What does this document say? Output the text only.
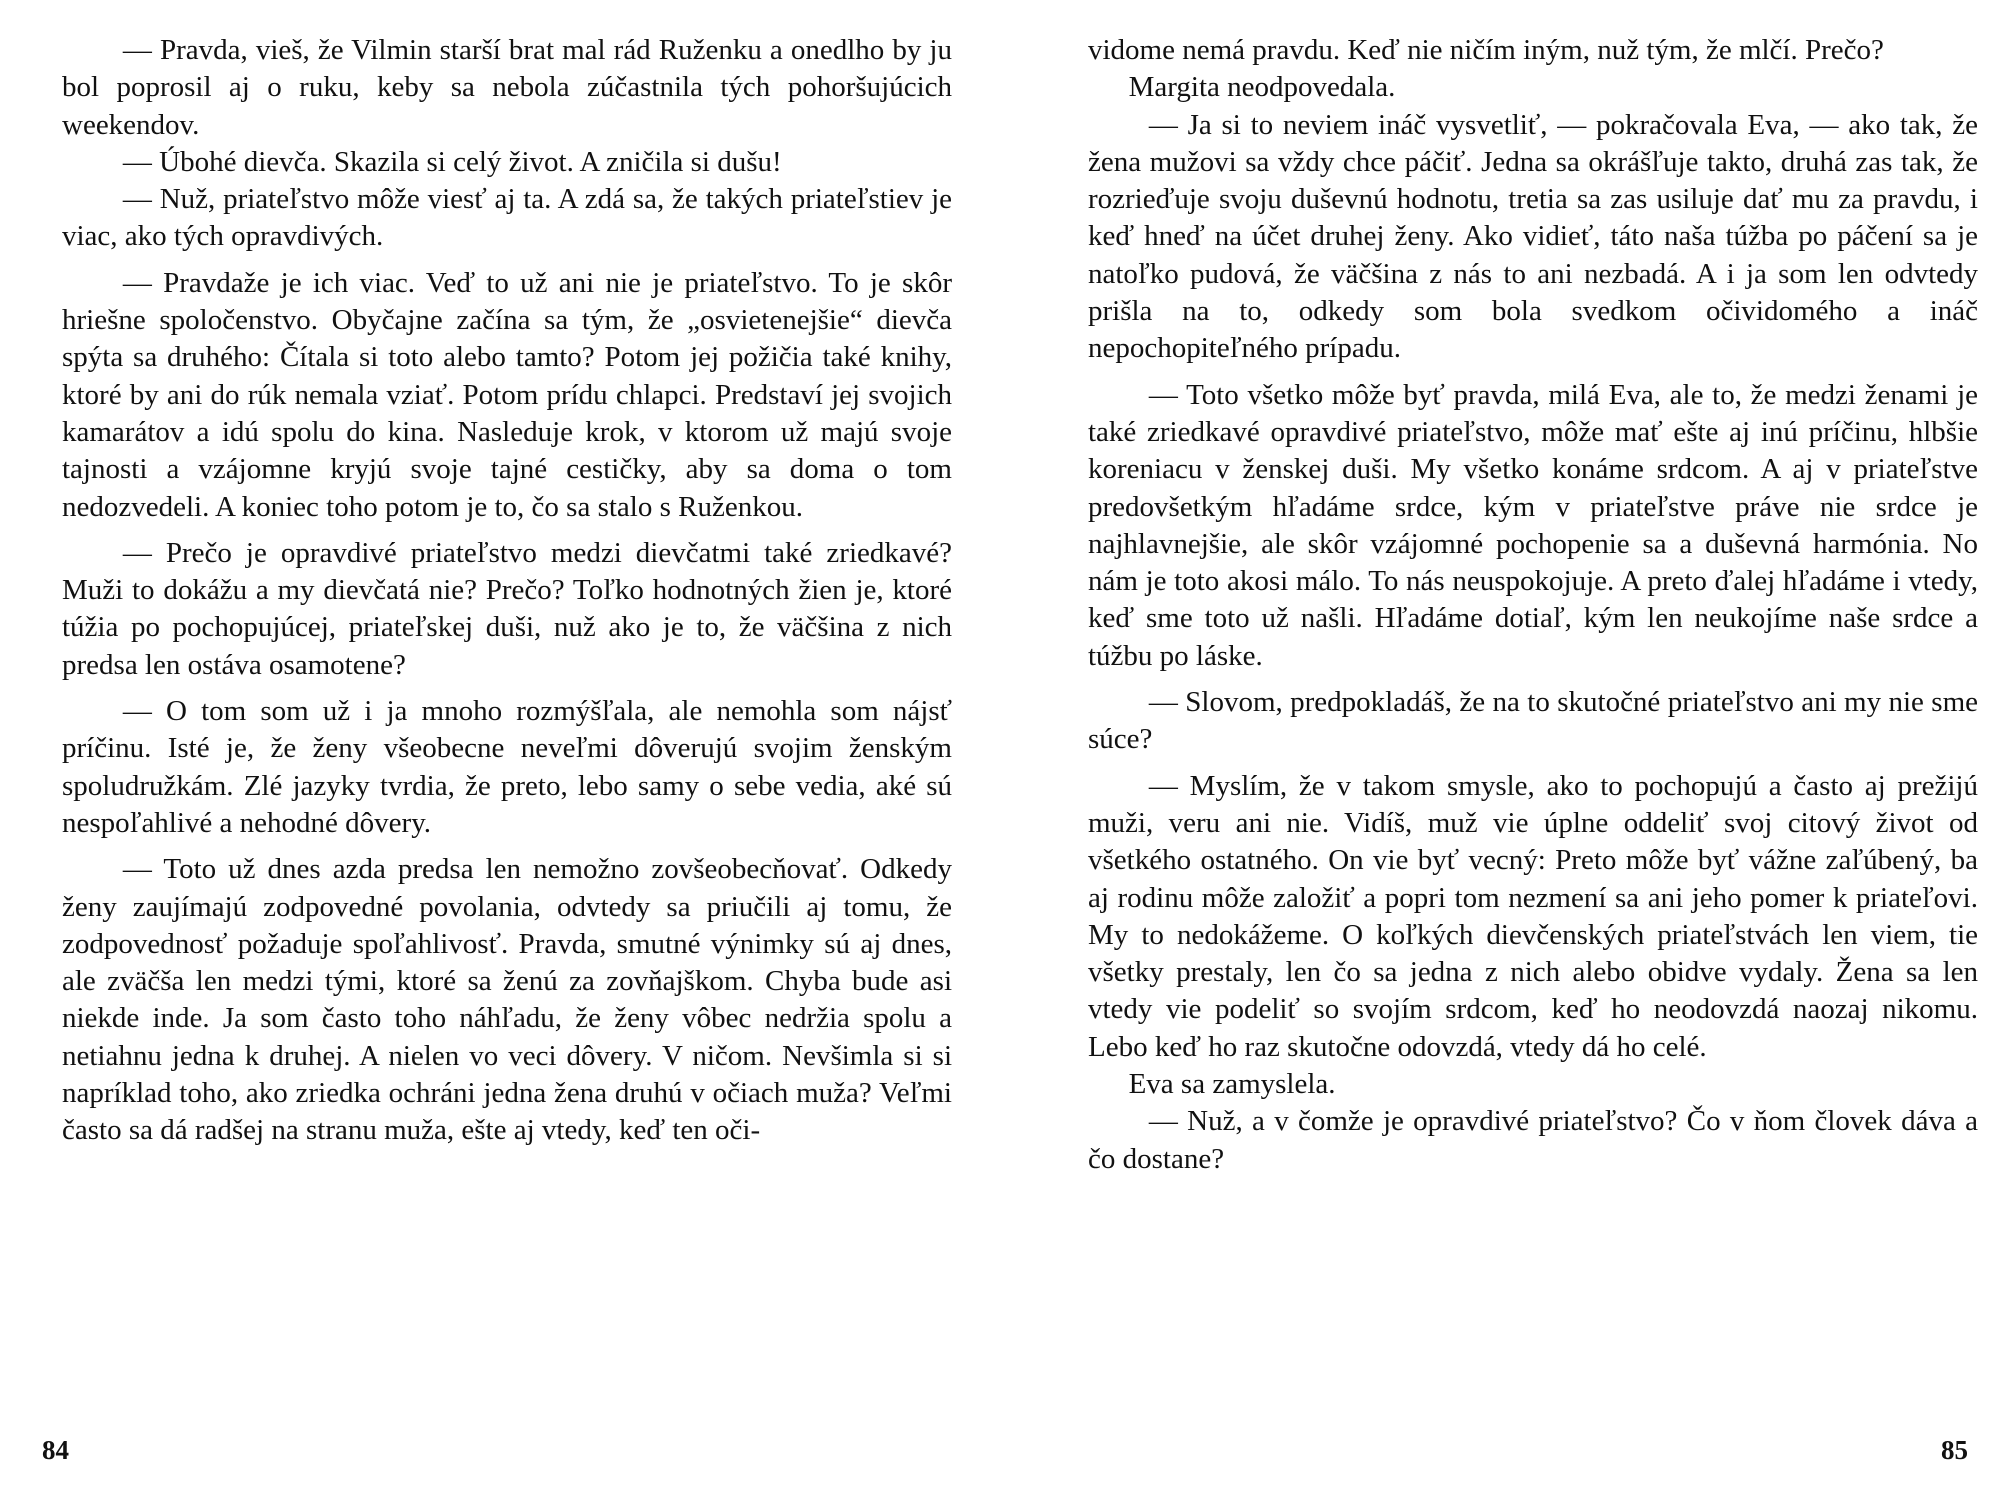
— Pravda, vieš, že Vilmin starší brat mal rád Ruženku a onedlho by ju bol poprosil aj o ruku, keby sa nebola zúčastnila tých pohoršujúcich weekendov.

— Úbohé dievča. Skazila si celý život. A zničila si dušu!

— Nuž, priateľstvo môže viesť aj ta. A zdá sa, že takých priateľstiev je viac, ako tých opravdivých.

— Pravdaže je ich viac. Veď to už ani nie je priateľstvo. To je skôr hriešne spoločenstvo. Obyčajne začína sa tým, že „osvietenejšie“ dievča spýta sa druhého: Čítala si toto alebo tamto? Potom jej požičia také knihy, ktoré by ani do rúk nemala vziať. Potom prídu chlapci. Predstaví jej svojich kamarátov a idú spolu do kina. Nasleduje krok, v ktorom už majú svoje tajnosti a vzájomne kryjú svoje tajné cestičky, aby sa doma o tom nedozvedeli. A koniec toho potom je to, čo sa stalo s Ruženkou.

— Prečo je opravdivé priateľstvo medzi dievčatmi také zriedkavé? Muži to dokážu a my dievčatá nie? Prečo? Toľko hodnotných žien je, ktoré túžia po pochopujúcej, priateľskej duši, nuž ako je to, že väčšina z nich predsa len ostáva osamotene?

— O tom som už i ja mnoho rozmýšľala, ale nemohla som nájsť príčinu. Isté je, že ženy všeobecne neveľmi dôverujú svojim ženským spoludružkám. Zlé jazyky tvrdia, že preto, lebo samy o sebe vedia, aké sú nespoľahlivé a nehodné dôvery.

— Toto už dnes azda predsa len nemožno zovšeobecňovať. Odkedy ženy zaujímajú zodpovedné povolania, odvtedy sa priučili aj tomu, že zodpovednosť požaduje spoľahlivosť. Pravda, smutné výnimky sú aj dnes, ale zväčša len medzi tými, ktoré sa ženú za zovňajškom. Chyba bude asi niekde inde. Ja som často toho náhľadu, že ženy vôbec nedržia spolu a netiahnu jedna k druhej. A nielen vo veci dôvery. V ničom. Nevšimla si si napríklad toho, ako zriedka ochráni jedna žena druhú v očiach muža? Veľmi často sa dá radšej na stranu muža, ešte aj vtedy, keď ten oči-

84

vidome nemá pravdu. Keď nie ničím iným, nuž tým, že mlčí. Prečo?

Margita neodpovedala.

— Ja si to neviem ináč vysvetliť, — pokračovala Eva, — ako tak, že žena mužovi sa vždy chce páčiť. Jedna sa okrášľuje takto, druhá zas tak, že rozrieďuje svoju duševnú hodnotu, tretia sa zas usiluje dať mu za pravdu, i keď hneď na účet druhej ženy. Ako vidieť, táto naša túžba po páčení sa je natoľko pudová, že väčšina z nás to ani nezbadá. A i ja som len odvtedy prišla na to, odkedy som bola svedkom očividomého a ináč nepochopiteľného prípadu.

— Toto všetko môže byť pravda, milá Eva, ale to, že medzi ženami je také zriedkavé opravdivé priateľstvo, môže mať ešte aj inú príčinu, hlbšie koreniacu v ženskej duši. My všetko konáme srdcom. A aj v priateľstve predovšetkým hľadáme srdce, kým v priateľstve práve nie srdce je najhlavnejšie, ale skôr vzájomné pochopenie sa a duševná harmónia. No nám je toto akosi málo. To nás neuspokojuje. A preto ďalej hľadáme i vtedy, keď sme toto už našli. Hľadáme dotiaľ, kým len neukojíme naše srdce a túžbu po láske.

— Slovom, predpokladáš, že na to skutočné priateľstvo ani my nie sme súce?

— Myslím, že v takom smysle, ako to pochopujú a často aj prežijú muži, veru ani nie. Vidíš, muž vie úplne oddeliť svoj citový život od všetkého ostatného. On vie byť vecný: Preto môže byť vážne zaľúbený, ba aj rodinu môže založiť a popri tom nezmení sa ani jeho pomer k priateľovi. My to nedokážeme. O koľkých dievčenských priateľstvách len viem, tie všetky prestaly, len čo sa jedna z nich alebo obidve vydaly. Žena sa len vtedy vie podeliť so svojím srdcom, keď ho neodovzdá naozaj nikomu. Lebo keď ho raz skutočne odovzdá, vtedy dá ho celé.

Eva sa zamyslela.

— Nuž, a v čomže je opravdivé priateľstvo? Čo v ňom človek dáva a čo dostane?

85
